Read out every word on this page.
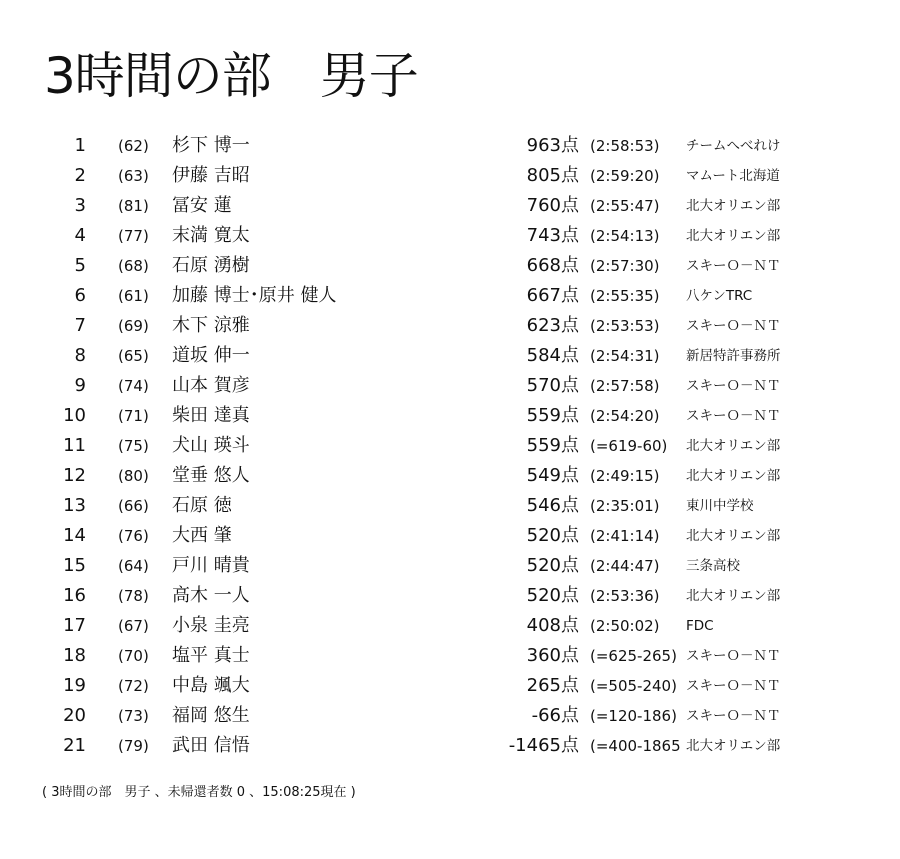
3時間の部　男子
1 (62) 杉下 博一	963点 (2:58:53) チームへべれけ
2 (63) 伊藤 吉昭	805点 (2:59:20) マムート北海道
3 (81) 冨安 蓮	760点 (2:55:47) 北大オリエン部
4 (77) 末満 寛太	743点 (2:54:13) 北大オリエン部
5 (68) 石原 湧樹	668点 (2:57:30) スキーＯ－ＮＴ
6 (61) 加藤 博士･原井 健人	667点 (2:55:35) 八ケンTRC
7 (69) 木下 涼雅	623点 (2:53:53) スキーＯ－ＮＴ
8 (65) 道坂 伸一	584点 (2:54:31) 新居特許事務所
9 (74) 山本 賀彦	570点 (2:57:58) スキーＯ－ＮＴ
10 (71) 柴田 達真	559点 (2:54:20) スキーＯ－ＮＴ
11 (75) 犬山 瑛斗	559点 (=619-60) 北大オリエン部
12 (80) 堂垂 悠人	549点 (2:49:15) 北大オリエン部
13 (66) 石原 徳	546点 (2:35:01) 東川中学校
14 (76) 大西 肇	520点 (2:41:14) 北大オリエン部
15 (64) 戸川 晴貴	520点 (2:44:47) 三条高校
16 (78) 高木 一人	520点 (2:53:36) 北大オリエン部
17 (67) 小泉 圭亮	408点 (2:50:02) FDC
18 (70) 塩平 真士	360点 (=625-265) スキーＯ－ＮＴ
19 (72) 中島 颯大	265点 (=505-240) スキーＯ－ＮＴ
20 (73) 福岡 悠生	-66点 (=120-186) スキーＯ－ＮＴ
21 (79) 武田 信悟	-1465点 (=400-1865 北大オリエン部
( 3時間の部　男子 、未帰還者数 0 、15:08:25現在 )
